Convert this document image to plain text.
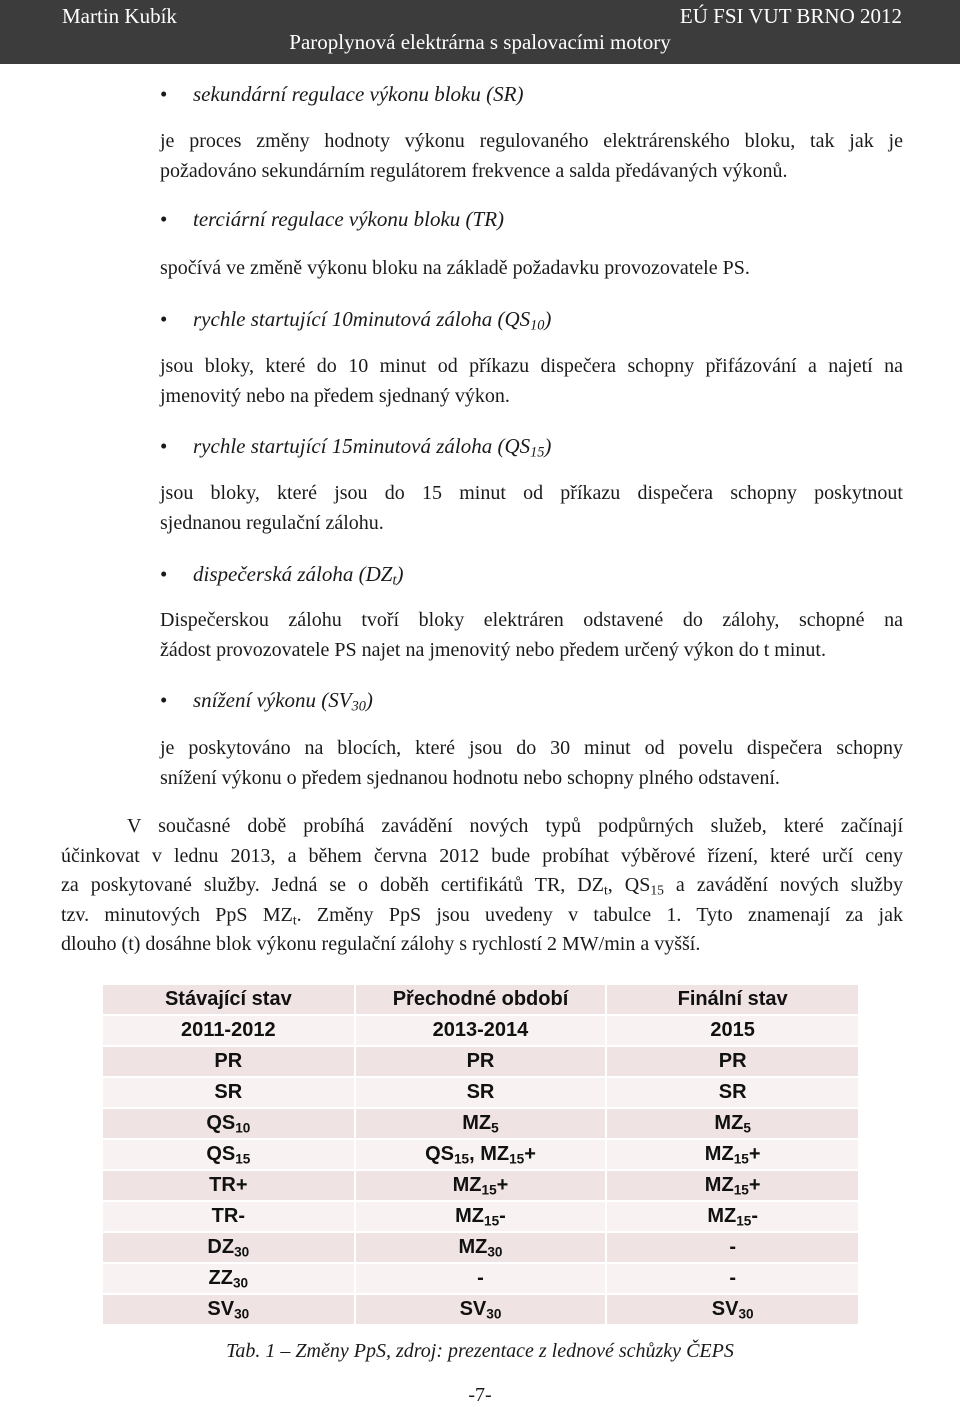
Martin Kubík	EÚ FSI VUT BRNO 2012
Paroplynová elektrárna s spalovacími motory
• sekundární regulace výkonu bloku (SR)
je proces změny hodnoty výkonu regulovaného elektrárenského bloku, tak jak je
požadováno sekundárním regulátorem frekvence a salda předávaných výkonů.
• terciární regulace výkonu bloku (TR)
spočívá ve změně výkonu bloku na základě požadavku provozovatele PS.
• rychle startující 10minutová záloha $(QS_{10})$
jsou bloky, které do 10 minut od příkazu dispečera schopny přifázování a najetí na
jmenovitý nebo na předem sjednaný výkon.
• rychle startující 15minutová záloha $(QS_{15})$
jsou bloky, které jsou do 15 minut od příkazu dispečera schopny poskytnout
sjednanou regulační zálohu.
• dispečerská záloha $(DZ_t)$
Dispečerskou zálohu tvoří bloky elektráren odstavené do zálohy, schopné na
žádost provozovatele PS najet na jmenovitý nebo předem určený výkon do t minut.
• snížení výkonu $(SV_{30})$
je poskytováno na blocích, které jsou do 30 minut od povelu dispečera schopny
snížení výkonu o předem sjednanou hodnotu nebo schopny plného odstavení.
V současné době probíhá zavádění nových typů podpůrných služeb, které začínají
účinkovat v lednu 2013, a během června 2012 bude probíhat výběrové řízení, které určí ceny
za poskytované služby. Jedná se o doběh certifikátů TR, $DZ_t$, $QS_{15}$ a zavádění nových služby
tzv. minutových PpS $MZ_t$. Změny PpS jsou uvedeny v tabulce 1. Tyto znamenají za jak
dlouho (t) dosáhne blok výkonu regulační zálohy s rychlostí 2 MW/min a vyšší.
Stávající stav	Přechodné období	Finální stav
2011-2012	2013-2014	2015
PR	PR	PR
SR	SR	SR
$QS_{10}$	$MZ_5$	$MZ_5$
$QS_{15}$	$QS_{15}$, $MZ_{15}+$	$MZ_{15}+$
TR+	$MZ_{15}+$	$MZ_{15}+$
TR-	$MZ_{15}-$	$MZ_{15}-$
$DZ_{30}$	$MZ_{30}$	-
$ZZ_{30}$	-	-
$SV_{30}$	$SV_{30}$	$SV_{30}$
Tab. 1 – Změny PpS, zdroj: prezentace z lednové schůzky ČEPS
-7-
